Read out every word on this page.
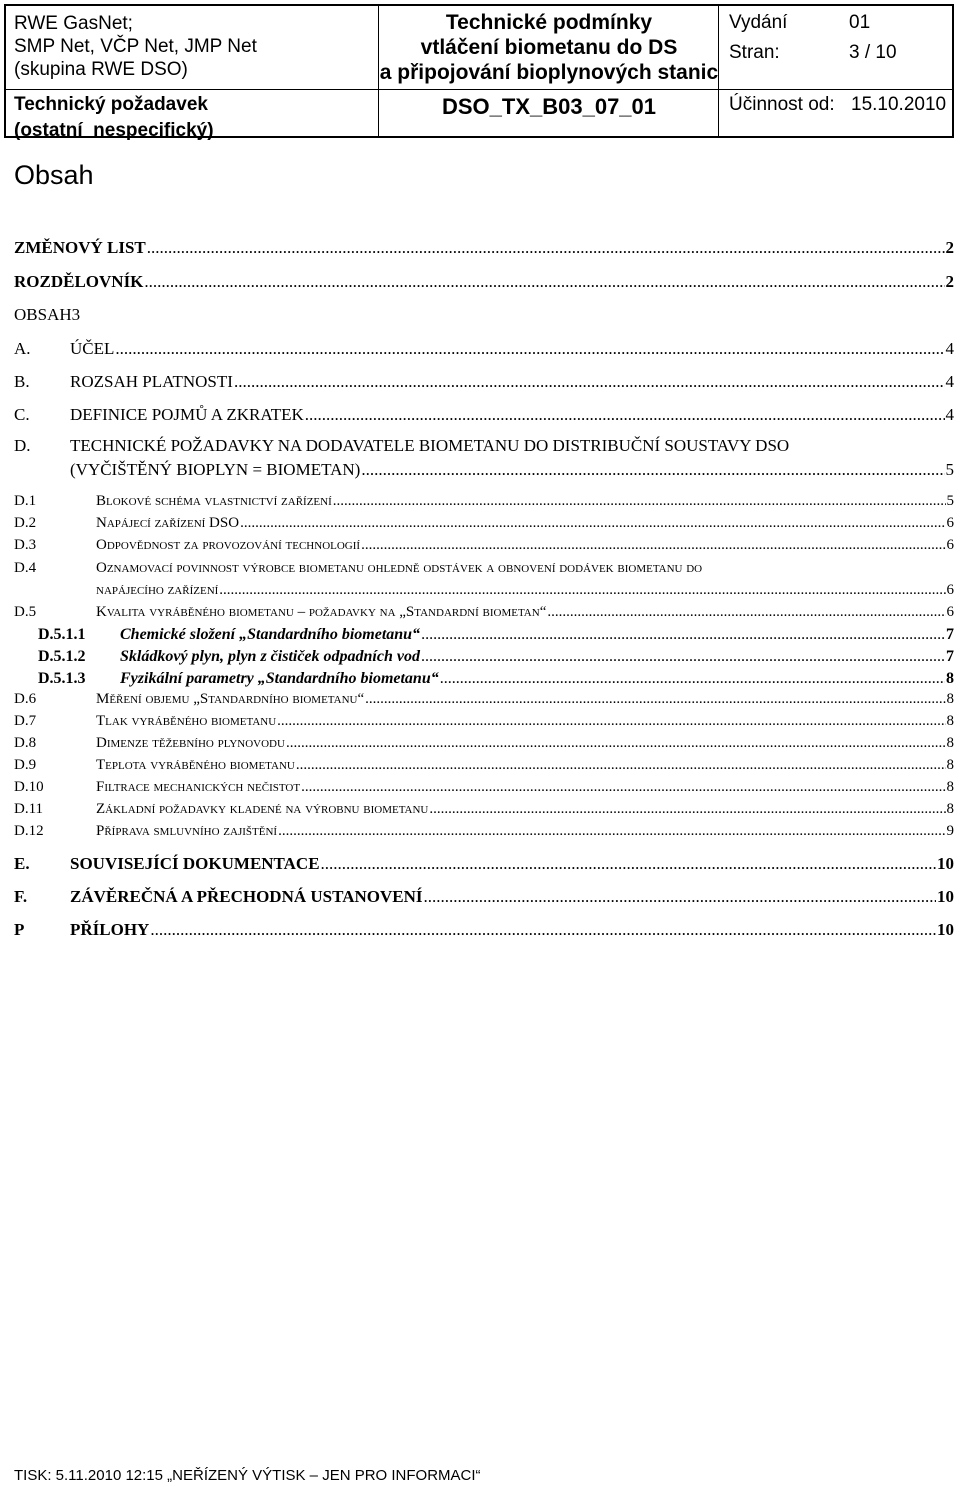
RWE GasNet;
SMP Net, VČP Net, JMP Net
(skupina RWE DSO)
Technický požadavek
(ostatní nespecifický)
Technické podmínky
vtláčení biometanu do DS
a připojování bioplynových stanic
DSO_TX_B03_07_01
Vydání	01
Stran:	3 / 10
Účinnost od: 15.10.2010
Obsah
ZMĚNOVÝ LIST .....	2
ROZDĚLOVNÍK .....	2
OBSAH3
A.	ÚČEL .....	4
B.	ROZSAH PLATNOSTI .....	4
C.	DEFINICE POJMŮ A ZKRATEK .....	4
D.	TECHNICKÉ POŽADAVKY NA DODAVATELE BIOMETANU DO DISTRIBUČNÍ SOUSTAVY DSO
(VYČIŠTĚNÝ BIOPLYN = BIOMETAN) .....	5
D.1	Blokové schéma vlastnictví zařízení .....	5
D.2	Napájecí zařízení DSO .....	6
D.3	Odpovědnost za provozování technologií .....	6
D.4	Oznamovací povinnost výrobce biometanu ohledně odstávek a obnovení dodávek biometanu do
napájecího zařízení .....	6
D.5	Kvalita vyráběného biometanu – požadavky na „Standardní biometan“ .....	6
D.5.1.1	Chemické složení „Standardního biometanu“ .....	7
D.5.1.2	Skládkový plyn, plyn z čističek odpadních vod .....	7
D.5.1.3	Fyzikální parametry „Standardního biometanu“ .....	8
D.6	Měření objemu „Standardního biometanu“ .....	8
D.7	Tlak vyráběného biometanu .....	8
D.8	Dimenze těžebního plynovodu .....	8
D.9	Teplota vyráběného biometanu .....	8
D.10	Filtrace mechanických nečistot .....	8
D.11	Základní požadavky kladené na výrobnu biometanu .....	8
D.12	Příprava smluvního zajištění .....	9
E.	SOUVISEJÍCÍ DOKUMENTACE .....	10
F.	ZÁVĚREČNÁ A PŘECHODNÁ USTANOVENÍ .....	10
P	PŘÍLOHY .....	10
TISK: 5.11.2010 12:15 „NEŘÍZENÝ VÝTISK – JEN PRO INFORMACI“
